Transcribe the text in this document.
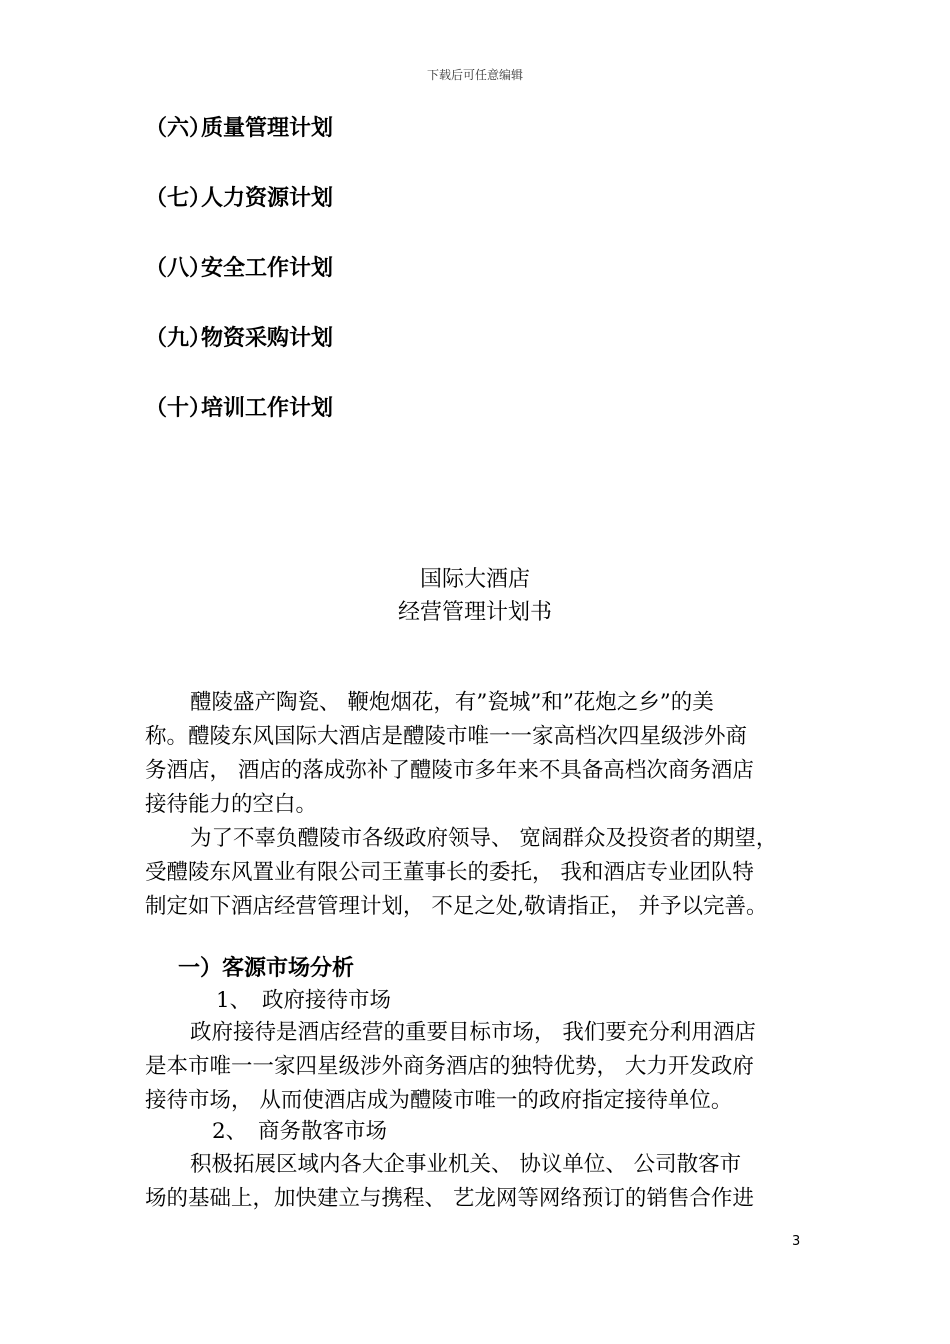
下载后可任意编辑
（六）质量管理计划
（七）人力资源计划
（八）安全工作计划
（九）物资采购计划
（十）培训工作计划
国际大酒店
经营管理计划书
醴陵盛产陶瓷、 鞭炮烟花，有”瓷城”和”花炮之乡”的美
称。醴陵东风国际大酒店是醴陵市唯一一家高档次四星级涉外商
务酒店， 酒店的落成弥补了醴陵市多年来不具备高档次商务酒店
接待能力的空白。
为了不辜负醴陵市各级政府领导、 宽阔群众及投资者的期望，
受醴陵东风置业有限公司王董事长的委托， 我和酒店专业团队特
制定如下酒店经营管理计划， 不足之处,敬请指正， 并予以完善。
一）客源市场分析
1、 政府接待市场
政府接待是酒店经营的重要目标市场， 我们要充分利用酒店
是本市唯一一家四星级涉外商务酒店的独特优势， 大力开发政府
接待市场， 从而使酒店成为醴陵市唯一的政府指定接待单位。
2、 商务散客市场
积极拓展区域内各大企事业机关、 协议单位、 公司散客市
场的基础上，加快建立与携程、 艺龙网等网络预订的销售合作进
3
